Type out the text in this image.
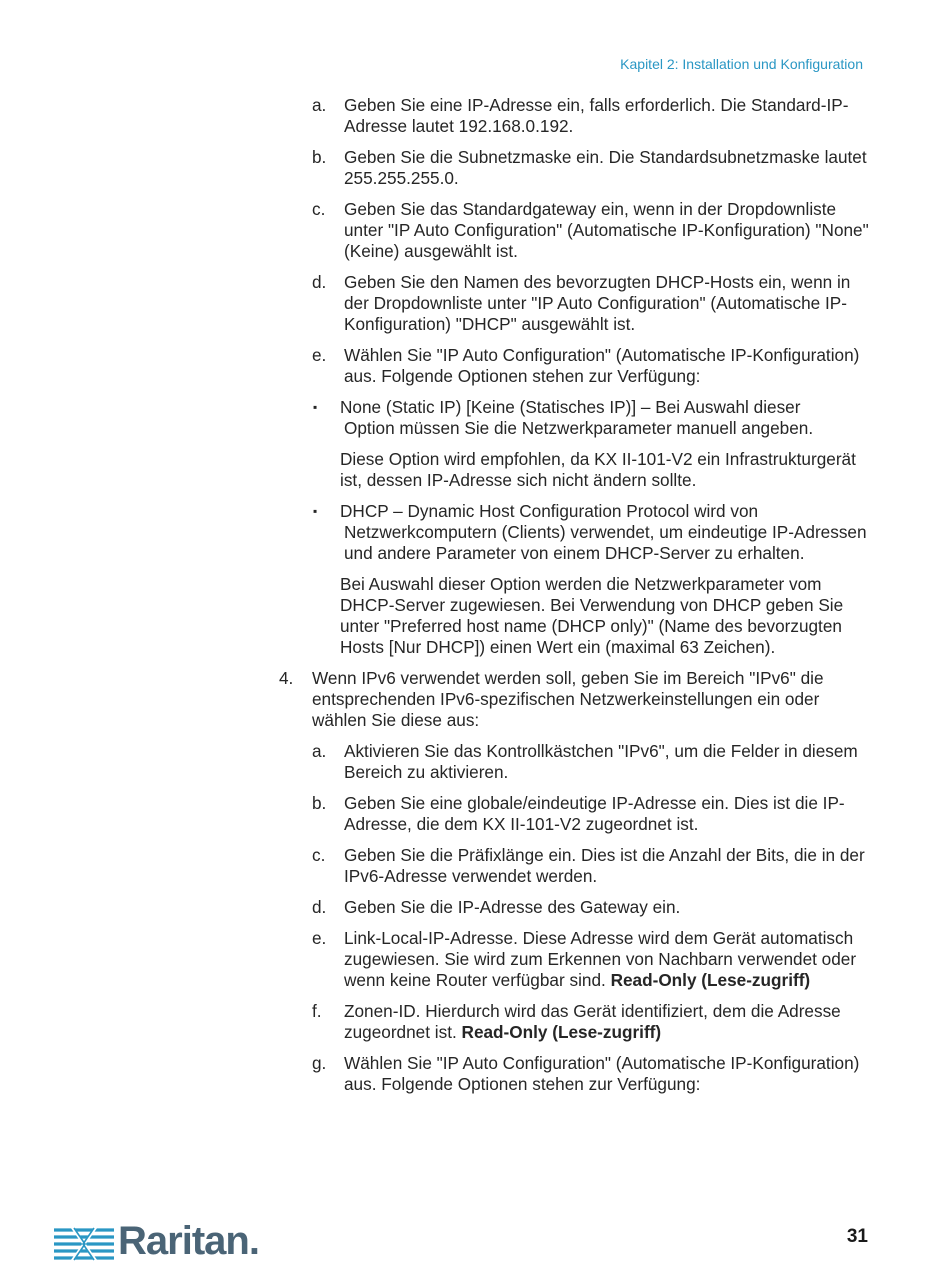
Kapitel 2: Installation und Konfiguration
a. Geben Sie eine IP-Adresse ein, falls erforderlich. Die Standard-IP-Adresse lautet 192.168.0.192.
b. Geben Sie die Subnetzmaske ein. Die Standardsubnetzmaske lautet 255.255.255.0.
c. Geben Sie das Standardgateway ein, wenn in der Dropdownliste unter "IP Auto Configuration" (Automatische IP-Konfiguration) "None" (Keine) ausgewählt ist.
d. Geben Sie den Namen des bevorzugten DHCP-Hosts ein, wenn in der Dropdownliste unter "IP Auto Configuration" (Automatische IP-Konfiguration) "DHCP" ausgewählt ist.
e. Wählen Sie "IP Auto Configuration" (Automatische IP-Konfiguration) aus. Folgende Optionen stehen zur Verfügung:
▪ None (Static IP) [Keine (Statisches IP)] – Bei Auswahl dieser
Option müssen Sie die Netzwerkparameter manuell angeben.
Diese Option wird empfohlen, da KX II-101-V2 ein Infrastrukturgerät ist, dessen IP-Adresse sich nicht ändern sollte.
▪ DHCP – Dynamic Host Configuration Protocol wird von Netzwerkcomputern (Clients) verwendet, um eindeutige IP-Adressen und andere Parameter von einem DHCP-Server zu erhalten.
Bei Auswahl dieser Option werden die Netzwerkparameter vom DHCP-Server zugewiesen. Bei Verwendung von DHCP geben Sie unter "Preferred host name (DHCP only)" (Name des bevorzugten Hosts [Nur DHCP]) einen Wert ein (maximal 63 Zeichen).
4. Wenn IPv6 verwendet werden soll, geben Sie im Bereich "IPv6" die entsprechenden IPv6-spezifischen Netzwerkeinstellungen ein oder wählen Sie diese aus:
a. Aktivieren Sie das Kontrollkästchen "IPv6", um die Felder in diesem Bereich zu aktivieren.
b. Geben Sie eine globale/eindeutige IP-Adresse ein. Dies ist die IP-Adresse, die dem KX II-101-V2 zugeordnet ist.
c. Geben Sie die Präfixlänge ein. Dies ist die Anzahl der Bits, die in der IPv6-Adresse verwendet werden.
d. Geben Sie die IP-Adresse des Gateway ein.
e. Link-Local-IP-Adresse. Diese Adresse wird dem Gerät automatisch zugewiesen. Sie wird zum Erkennen von Nachbarn verwendet oder wenn keine Router verfügbar sind. Read-Only (Lese-zugriff)
f. Zonen-ID. Hierdurch wird das Gerät identifiziert, dem die Adresse zugeordnet ist. Read-Only (Lese-zugriff)
g. Wählen Sie "IP Auto Configuration" (Automatische IP-Konfiguration) aus. Folgende Optionen stehen zur Verfügung:
Raritan.	31
